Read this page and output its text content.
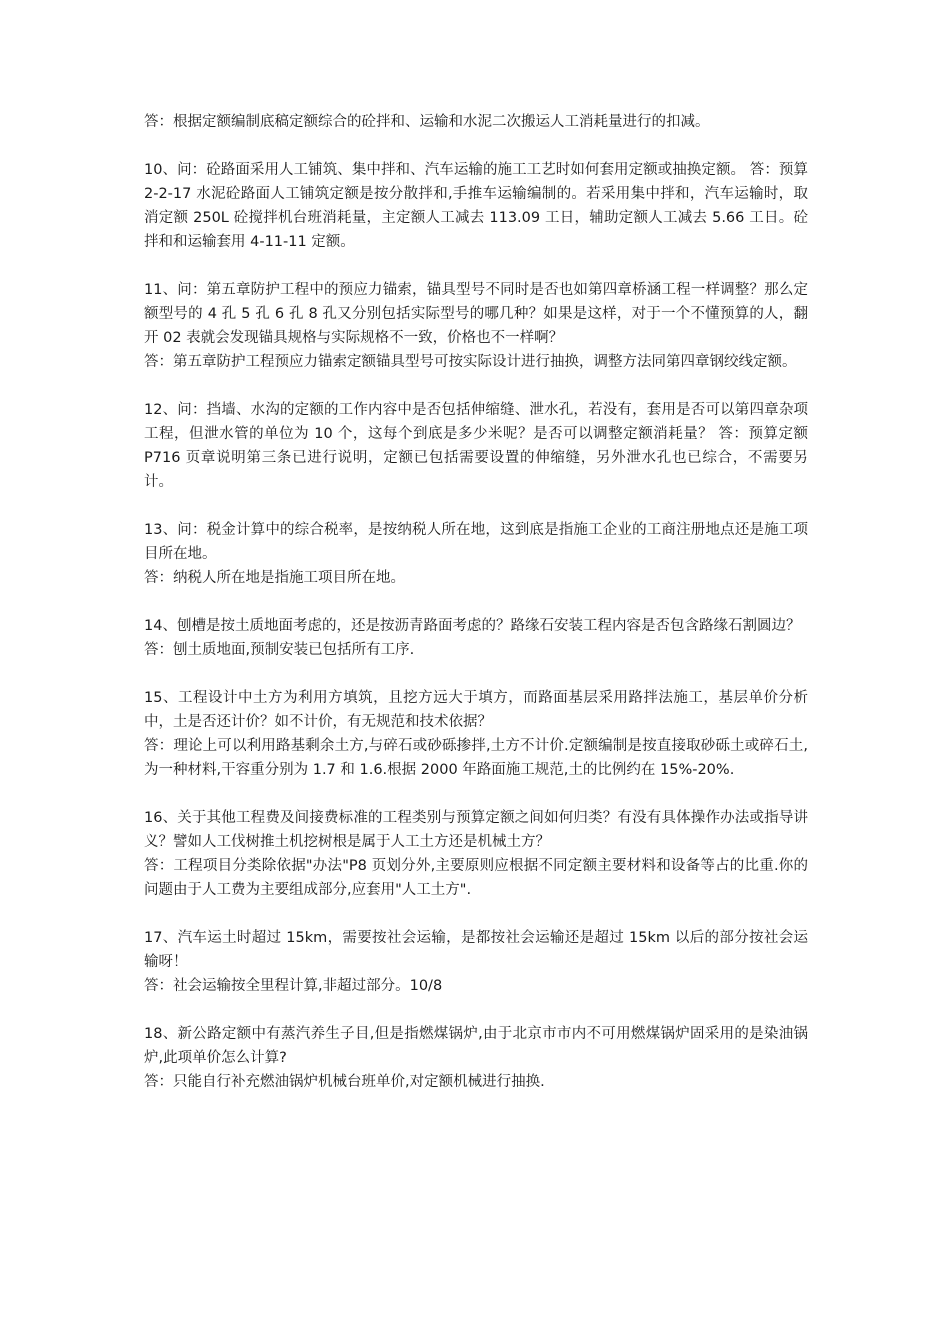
答：根据定额编制底稿定额综合的砼拌和、运输和水泥二次搬运人工消耗量进行的扣减。

10、问：砼路面采用人工铺筑、集中拌和、汽车运输的施工工艺时如何套用定额或抽换定额。 答：预算 2-2-17 水泥砼路面人工铺筑定额是按分散拌和,手推车运输编制的。若采用集中拌和，汽车运输时，取消定额 250L 砼搅拌机台班消耗量，主定额人工减去 113.09 工日，辅助定额人工减去 5.66 工日。砼拌和和运输套用 4-11-11 定额。

11、问：第五章防护工程中的预应力锚索，锚具型号不同时是否也如第四章桥涵工程一样调整？那么定额型号的 4 孔 5 孔 6 孔 8 孔又分别包括实际型号的哪几种？如果是这样，对于一个不懂预算的人，翻开 02 表就会发现锚具规格与实际规格不一致，价格也不一样啊？

答：第五章防护工程预应力锚索定额锚具型号可按实际设计进行抽换，调整方法同第四章钢绞线定额。

12、问：挡墙、水沟的定额的工作内容中是否包括伸缩缝、泄水孔，若没有，套用是否可以第四章杂项工程，但泄水管的单位为 10 个，这每个到底是多少米呢？是否可以调整定额消耗量？ 答：预算定额 P716 页章说明第三条已进行说明，定额已包括需要设置的伸缩缝，另外泄水孔也已综合，不需要另计。

13、问：税金计算中的综合税率，是按纳税人所在地，这到底是指施工企业的工商注册地点还是施工项目所在地。

答：纳税人所在地是指施工项目所在地。

14、刨槽是按土质地面考虑的，还是按沥青路面考虑的？路缘石安装工程内容是否包含路缘石割圆边？

答：刨土质地面,预制安装已包括所有工序.

15、工程设计中土方为利用方填筑，且挖方远大于填方，而路面基层采用路拌法施工，基层单价分析中，土是否还计价？如不计价，有无规范和技术依据？

答：理论上可以利用路基剩余土方,与碎石或砂砾掺拌,土方不计价.定额编制是按直接取砂砾土或碎石土,为一种材料,干容重分别为 1.7 和 1.6.根据 2000 年路面施工规范,土的比例约在 15%-20%.

16、关于其他工程费及间接费标准的工程类别与预算定额之间如何归类？有没有具体操作办法或指导讲义？譬如人工伐树推土机挖树根是属于人工土方还是机械土方？

答：工程项目分类除依据"办法"P8 页划分外,主要原则应根据不同定额主要材料和设备等占的比重.你的问题由于人工费为主要组成部分,应套用"人工土方".

17、汽车运土时超过 15km，需要按社会运输，是都按社会运输还是超过 15km 以后的部分按社会运输呀！

答：社会运输按全里程计算,非超过部分。10/8

18、新公路定额中有蒸汽养生子目,但是指燃煤锅炉,由于北京市市内不可用燃煤锅炉固采用的是染油锅炉,此项单价怎么计算?

答：只能自行补充燃油锅炉机械台班单价,对定额机械进行抽换.
